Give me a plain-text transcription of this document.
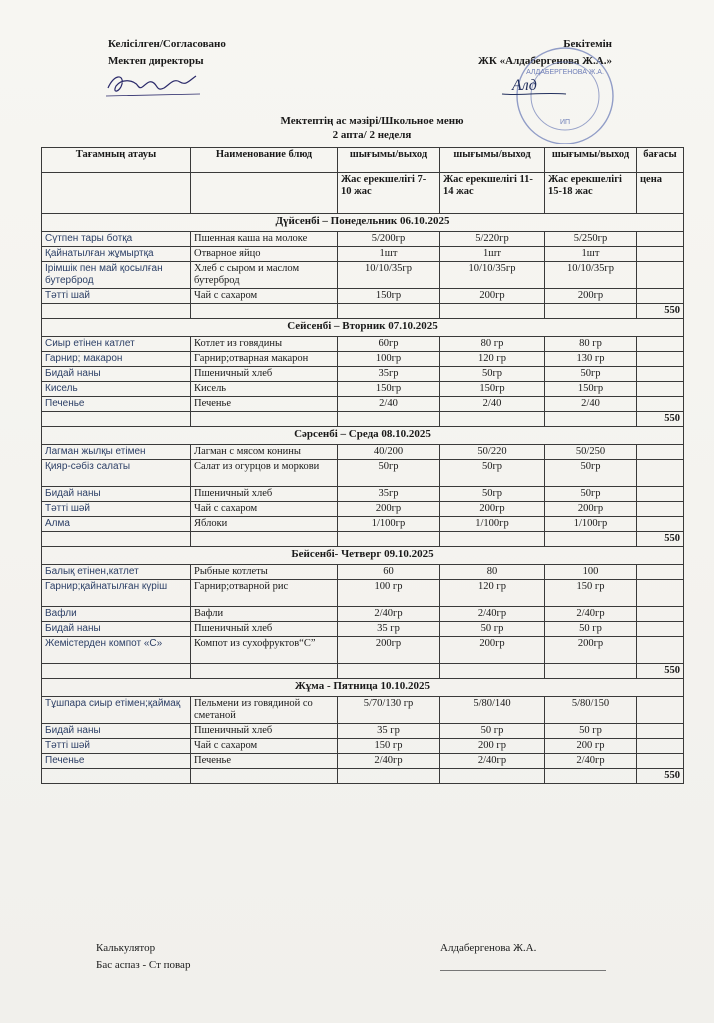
Келісілген/Согласовано
Мектеп директоры
Бекітемін
ЖК «Алдабергенова Ж.А.»
АЛДАБЕРГЕНОВА Ж.А.
ИП
Алд
Мектептің ас мәзірі/Школьное меню
2 апта/ 2 неделя
Тағамның атауы	Наименование блюд	шығымы/выход	шығымы/выход	шығымы/выход	бағасы
		Жас ерекшелігі 7-10 жас	Жас ерекшелігі 11-14 жас	Жас ерекшелігі 15-18 жас	цена
Дүйсенбі – Понедельник 06.10.2025					
Сүтпен тары ботқа	Пшенная каша на молоке	5/200гр	5/220гр	5/250гр	
Қайнатылған жұмыртқа	Отварное яйцо	1шт	1шт	1шт	
Ірімшік пен май қосылған бутерброд	Хлеб с сыром и маслом бутерброд	10/10/35гр	10/10/35гр	10/10/35гр	
Тәтті шай	Чай с сахаром	150гр	200гр	200гр	
					550
Сейсенбі – Вторник 07.10.2025					
Сиыр етінен катлет	Котлет из говядины	60гр	80 гр	80 гр	
Гарнир; макарон	Гарнир;отварная макарон	100гр	120 гр	130 гр	
Бидай наны	Пшеничный хлеб	35гр	50гр	50гр	
Кисель	Кисель	150гр	150гр	150гр	
Печенье	Печенье	2/40	2/40	2/40	
					550
Сәрсенбі – Среда 08.10.2025					
Лагман жылқы етімен	Лагман с мясом конины	40/200	50/220	50/250	
Қияр-сәбіз салаты	Салат из огурцов и моркови	50гр	50гр	50гр	
Бидай наны	Пшеничный хлеб	35гр	50гр	50гр	
Тәтті шәй	Чай с сахаром	200гр	200гр	200гр	
Алма	Яблоки	1/100гр	1/100гр	1/100гр	
					550
Бейсенбі- Четверг 09.10.2025					
Балық етінен,катлет	Рыбные котлеты	60	80	100	
Гарнир;қайнатылған күріш	Гарнир;отварной рис	100 гр	120 гр	150 гр	
Вафли	Вафли	2/40гр	2/40гр	2/40гр	
Бидай наны	Пшеничный хлеб	35 гр	50 гр	50 гр	
Жемістерден компот «С»	Компот из сухофруктов“С”	200гр	200гр	200гр	
					550
Жұма - Пятница 10.10.2025					
Тұшпара сиыр етімен;қаймақ	Пельмени из говядиной со сметаной	5/70/130 гр	5/80/140	5/80/150	
Бидай наны	Пшеничный хлеб	35 гр	50 гр	50 гр	
Тәтті шәй	Чай с сахаром	150 гр	200 гр	200 гр	
Печенье	Печенье	2/40гр	2/40гр	2/40гр	
					550
Калькулятор
Бас аспаз - Ст повар
Алдабергенова Ж.А.
